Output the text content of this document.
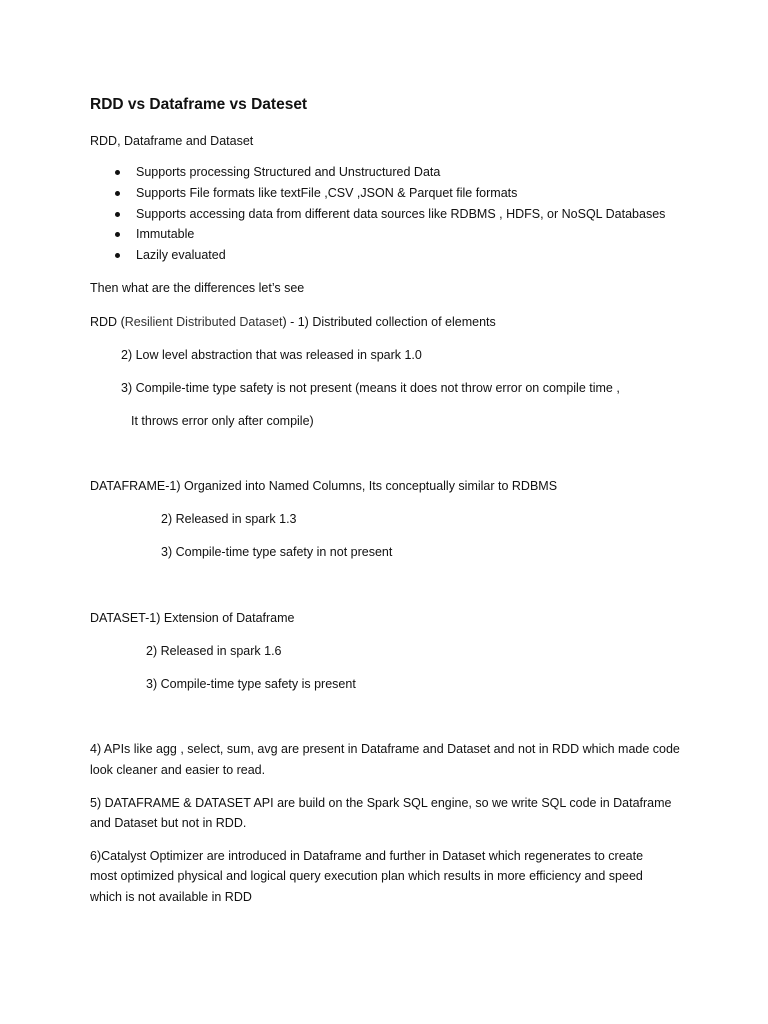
RDD vs Dataframe vs Dateset
RDD, Dataframe and Dataset
Supports processing Structured and Unstructured Data
Supports File formats like textFile ,CSV ,JSON & Parquet file formats
Supports accessing data from different data sources like RDBMS , HDFS, or NoSQL Databases
Immutable
Lazily evaluated
Then what are the differences let’s see
RDD (Resilient Distributed Dataset) - 1) Distributed collection of elements
2) Low level abstraction that was released in spark 1.0
3) Compile-time type safety is not present (means it does not throw error on compile time ,
It throws error only after compile)
DATAFRAME-1) Organized into Named Columns, Its conceptually similar to RDBMS
2) Released in spark 1.3
3) Compile-time type safety in not present
DATASET-1) Extension of Dataframe
2) Released in spark 1.6
3) Compile-time type safety is present
4) APIs like agg , select, sum, avg are present in Dataframe and Dataset and not in RDD which made code
look cleaner and easier to read.
5) DATAFRAME & DATASET API are build on the Spark SQL engine, so we write SQL code in Dataframe
and Dataset but not in RDD.
6)Catalyst Optimizer are introduced in Dataframe and further in Dataset which regenerates to create
most optimized physical and logical query execution plan which results in more efficiency and speed
which is not available in RDD
